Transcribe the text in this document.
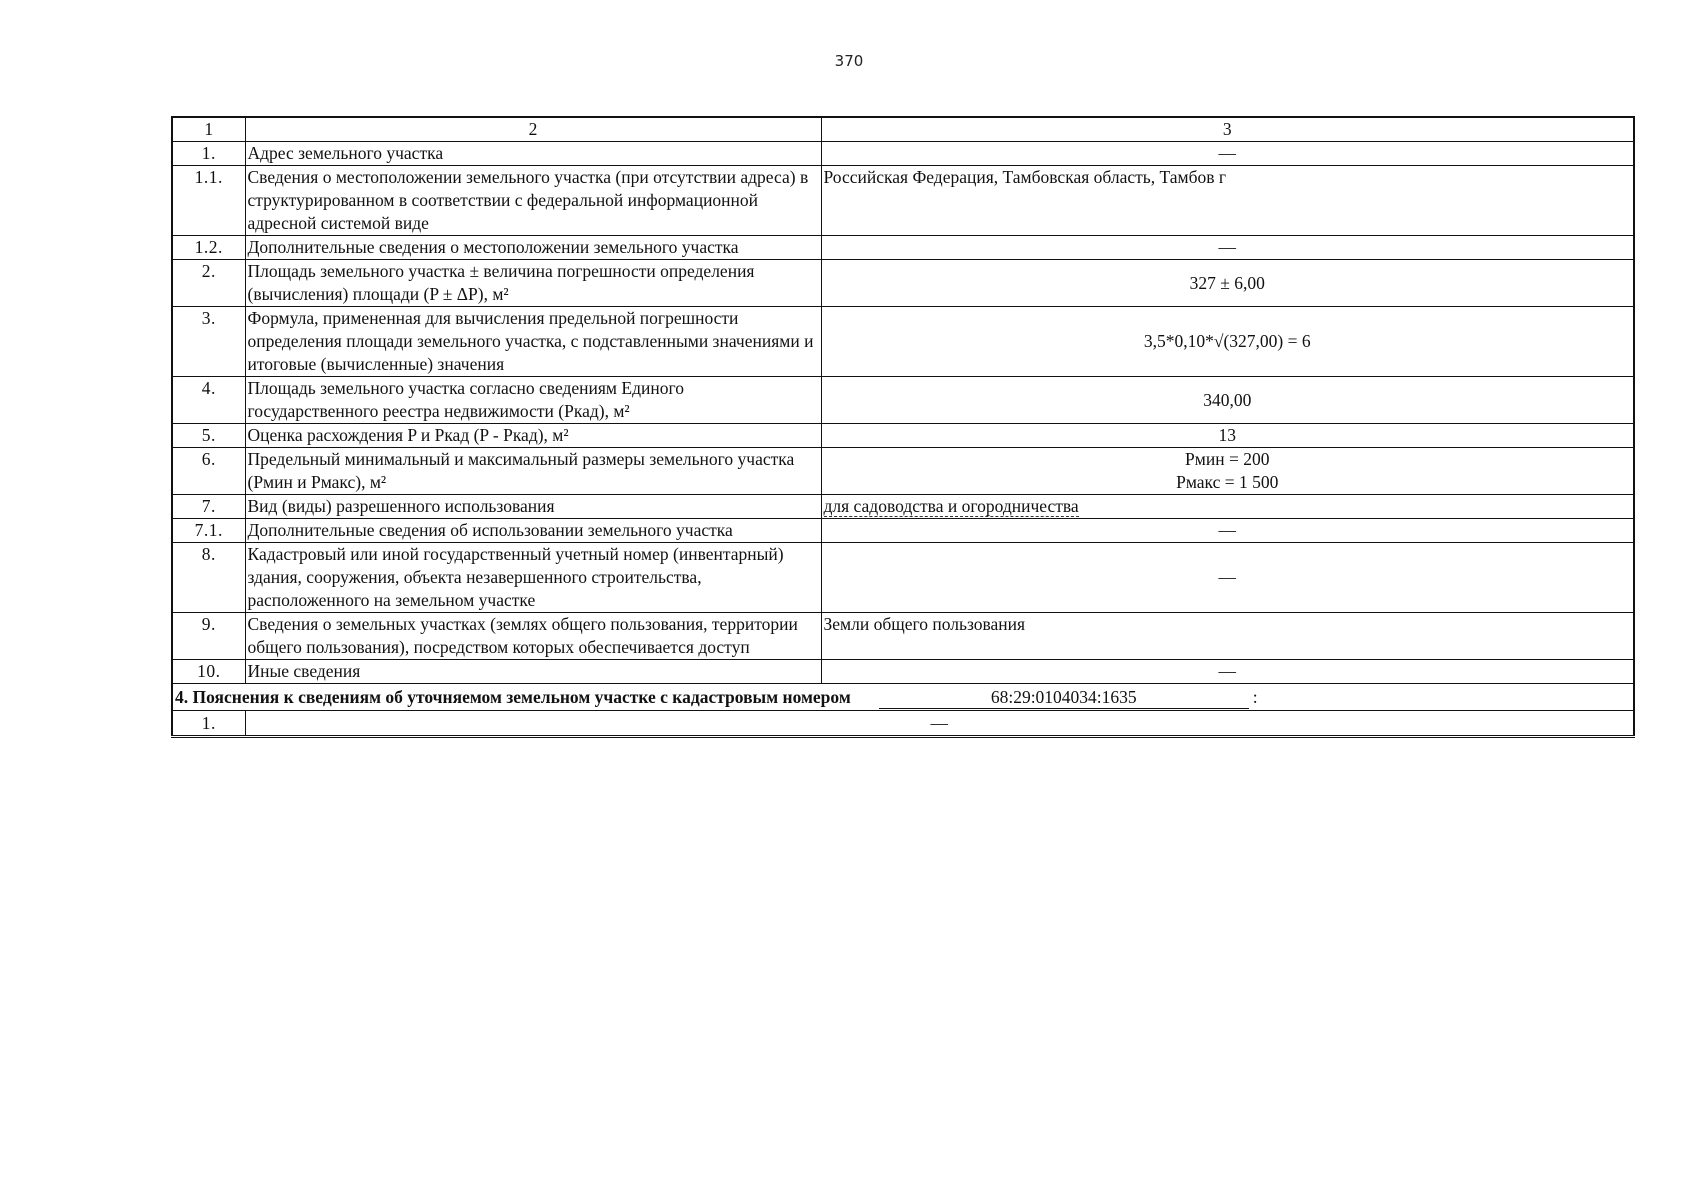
370
1	2	3
1.	Адрес земельного участка	—
1.1.	Сведения о местоположении земельного участка (при отсутствии адреса) в структурированном в соответствии с федеральной информационной адресной системой виде	Российская Федерация, Тамбовская область, Тамбов г
1.2.	Дополнительные сведения о местоположении земельного участка	—
2.	Площадь земельного участка ± величина погрешности определения (вычисления) площади (P ± ΔP), м²	327 ± 6,00
3.	Формула, примененная для вычисления предельной погрешности определения площади земельного участка, с подставленными значениями и итоговые (вычисленные) значения	3,5*0,10*√(327,00) = 6
4.	Площадь земельного участка согласно сведениям Единого государственного реестра недвижимости (Ркад), м²	340,00
5.	Оценка расхождения P и Ркад (P - Ркад), м²	13
6.	Предельный минимальный и максимальный размеры земельного участка (Рмин и Рмакс), м²	Рмин = 200
Рмакс = 1 500

7.	Вид (виды) разрешенного использования	для садоводства и огородничества
7.1.	Дополнительные сведения об использовании земельного участка	—
8.	Кадастровый или иной государственный учетный номер (инвентарный) здания, сооружения, объекта незавершенного строительства, расположенного на земельном участке	—
9.	Сведения о земельных участках (землях общего пользования, территории общего пользования), посредством которых обеспечивается доступ	Земли общего пользования
10.	Иные сведения	—

4. Пояснения к сведениям об уточняемом земельном участке с кадастровым номером 68:29:0104034:1635 :		

1.	—	
